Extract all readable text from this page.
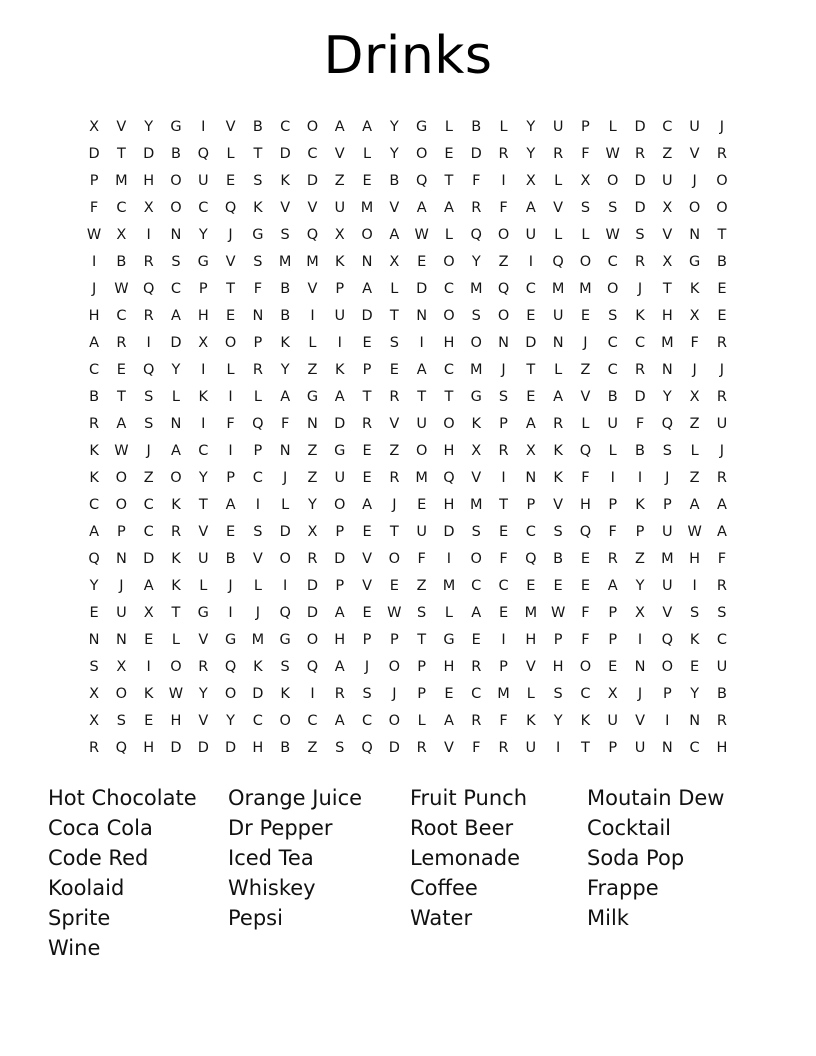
Drinks
X	V	Y	G	I	V	B	C	O	A	A	Y	G	L	B	L	Y	U	P	L	D	C	U	J
D	T	D	B	Q	L	T	D	C	V	L	Y	O	E	D	R	Y	R	F	W	R	Z	V	R
P	M	H	O	U	E	S	K	D	Z	E	B	Q	T	F	I	X	L	X	O	D	U	J	O
F	C	X	O	C	Q	K	V	V	U	M	V	A	A	R	F	A	V	S	S	D	X	O	O
W	X	I	N	Y	J	G	S	Q	X	O	A	W	L	Q	O	U	L	L	W	S	V	N	T
I	B	R	S	G	V	S	M	M	K	N	X	E	O	Y	Z	I	Q	O	C	R	X	G	B
J	W	Q	C	P	T	F	B	V	P	A	L	D	C	M	Q	C	M	M	O	J	T	K	E
H	C	R	A	H	E	N	B	I	U	D	T	N	O	S	O	E	U	E	S	K	H	X	E
A	R	I	D	X	O	P	K	L	I	E	S	I	H	O	N	D	N	J	C	C	M	F	R
C	E	Q	Y	I	L	R	Y	Z	K	P	E	A	C	M	J	T	L	Z	C	R	N	J	J
B	T	S	L	K	I	L	A	G	A	T	R	T	T	G	S	E	A	V	B	D	Y	X	R
R	A	S	N	I	F	Q	F	N	D	R	V	U	O	K	P	A	R	L	U	F	Q	Z	U
K	W	J	A	C	I	P	N	Z	G	E	Z	O	H	X	R	X	K	Q	L	B	S	L	J
K	O	Z	O	Y	P	C	J	Z	U	E	R	M	Q	V	I	N	K	F	I	I	J	Z	R
C	O	C	K	T	A	I	L	Y	O	A	J	E	H	M	T	P	V	H	P	K	P	A	A
A	P	C	R	V	E	S	D	X	P	E	T	U	D	S	E	C	S	Q	F	P	U	W	A
Q	N	D	K	U	B	V	O	R	D	V	O	F	I	O	F	Q	B	E	R	Z	M	H	F
Y	J	A	K	L	J	L	I	D	P	V	E	Z	M	C	C	E	E	E	A	Y	U	I	R
E	U	X	T	G	I	J	Q	D	A	E	W	S	L	A	E	M	W	F	P	X	V	S	S
N	N	E	L	V	G	M	G	O	H	P	P	T	G	E	I	H	P	F	P	I	Q	K	C
S	X	I	O	R	Q	K	S	Q	A	J	O	P	H	R	P	V	H	O	E	N	O	E	U
X	O	K	W	Y	O	D	K	I	R	S	J	P	E	C	M	L	S	C	X	J	P	Y	B
X	S	E	H	V	Y	C	O	C	A	C	O	L	A	R	F	K	Y	K	U	V	I	N	R
R	Q	H	D	D	D	H	B	Z	S	Q	D	R	V	F	R	U	I	T	P	U	N	C	H
Hot Chocolate
Coca Cola
Code Red
Koolaid
Sprite
Wine
Orange Juice
Dr Pepper
Iced Tea
Whiskey
Pepsi
Fruit Punch
Root Beer
Lemonade
Coffee
Water
Moutain Dew
Cocktail
Soda Pop
Frappe
Milk
